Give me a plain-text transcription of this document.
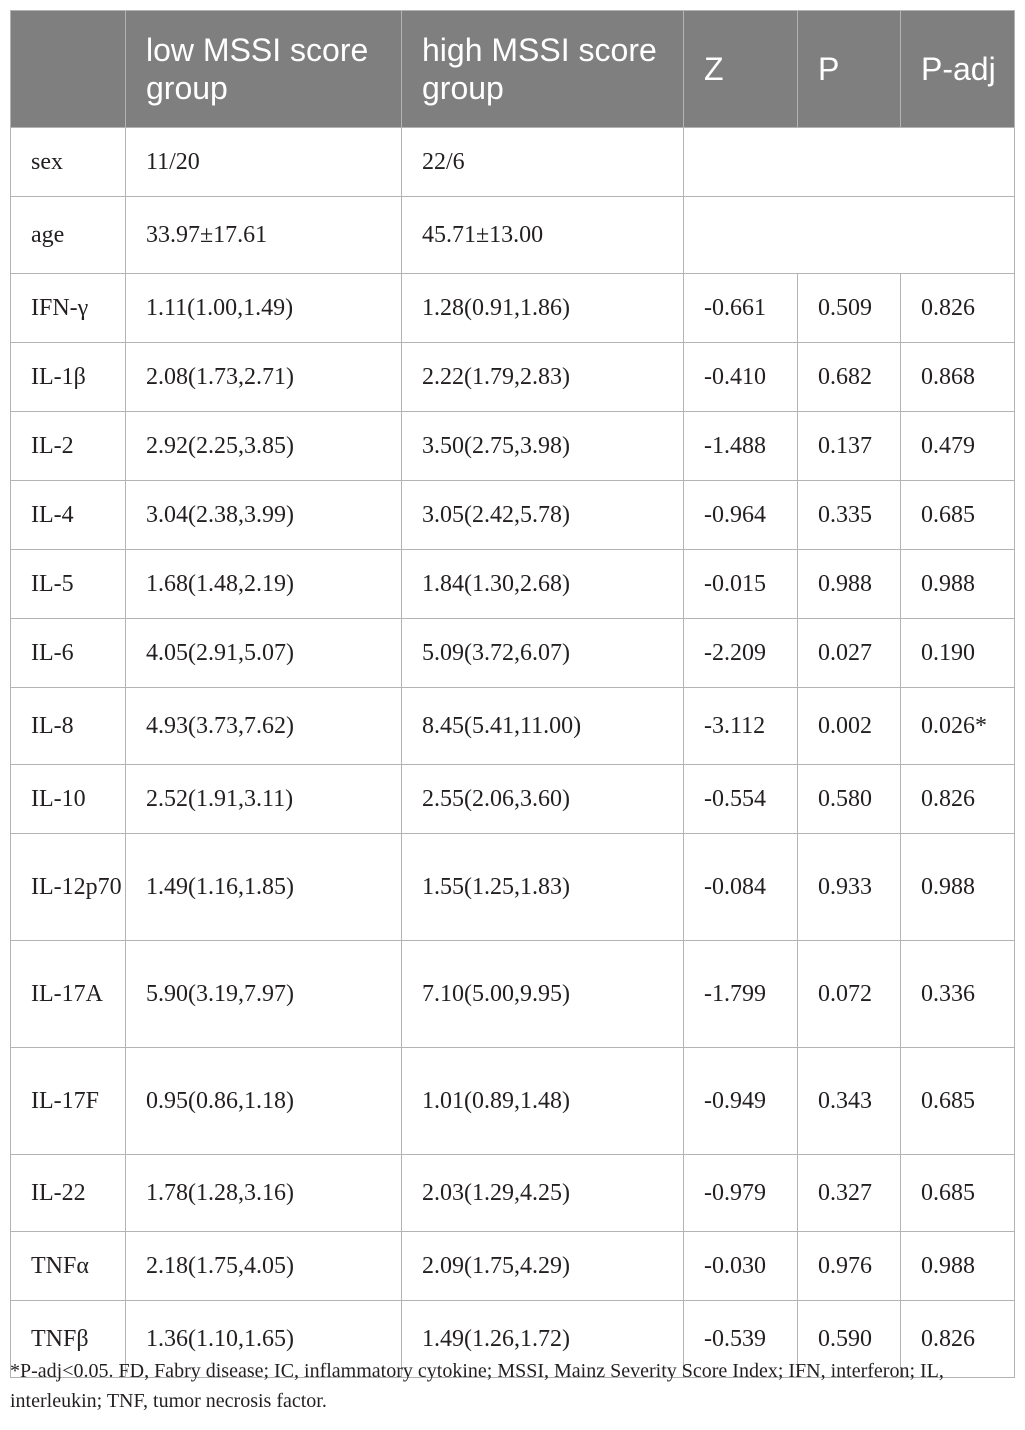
	low MSSI score group	high MSSI score group	Z	P	P-adj
sex	11/20	22/6			
age	33.97±17.61	45.71±13.00			
IFN-γ	1.11(1.00,1.49)	1.28(0.91,1.86)	-0.661	0.509	0.826
IL-1β	2.08(1.73,2.71)	2.22(1.79,2.83)	-0.410	0.682	0.868
IL-2	2.92(2.25,3.85)	3.50(2.75,3.98)	-1.488	0.137	0.479
IL-4	3.04(2.38,3.99)	3.05(2.42,5.78)	-0.964	0.335	0.685
IL-5	1.68(1.48,2.19)	1.84(1.30,2.68)	-0.015	0.988	0.988
IL-6	4.05(2.91,5.07)	5.09(3.72,6.07)	-2.209	0.027	0.190
IL-8	4.93(3.73,7.62)	8.45(5.41,11.00)	-3.112	0.002	0.026*
IL-10	2.52(1.91,3.11)	2.55(2.06,3.60)	-0.554	0.580	0.826
IL-12p70	1.49(1.16,1.85)	1.55(1.25,1.83)	-0.084	0.933	0.988
IL-17A	5.90(3.19,7.97)	7.10(5.00,9.95)	-1.799	0.072	0.336
IL-17F	0.95(0.86,1.18)	1.01(0.89,1.48)	-0.949	0.343	0.685
IL-22	1.78(1.28,3.16)	2.03(1.29,4.25)	-0.979	0.327	0.685
TNFα	2.18(1.75,4.05)	2.09(1.75,4.29)	-0.030	0.976	0.988
TNFβ	1.36(1.10,1.65)	1.49(1.26,1.72)	-0.539	0.590	0.826
*P-adj<0.05. FD, Fabry disease; IC, inflammatory cytokine; MSSI, Mainz Severity Score Index; IFN, interferon; IL, interleukin; TNF, tumor necrosis factor.
